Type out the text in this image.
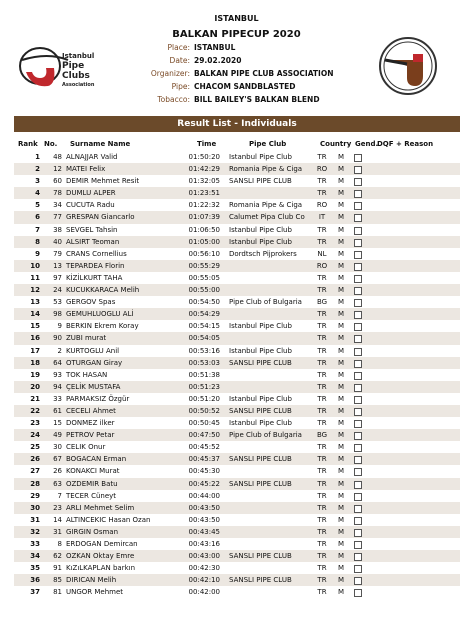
ISTANBUL
BALKAN PIPECUP 2020
Place: ISTANBUL
Date: 29.02.2020
Organizer: BALKAN PIPE CLUB ASSOCIATION
Pipe: CHACOM SANDBLASTED
Tobacco: BILL BAILEY'S BALKAN BLEND
Istanbul
Pipe
Clubs
Association
Result List - Individuals
Rank No. Surname Name	Time	Pipe Club	Country Gend.
DQF + Reason
1	48 ALNAJJAR Valid	01:50:20 Istanbul Pipe Club	TR	M
2	12 MATEI Felix	01:42:29 Romania Pipe & Ciga	RO	M
3	60 DEMIR Mehmet Resit	01:32:05 SANSLI PIPE CLUB	TR	M
4	78 DUMLU ALPER	01:23:51	TR	M
5	34 CUCUTA Radu	01:22:32 Romania Pipe & Ciga	RO	M
6	77 GRESPAN Giancarlo	01:07:39 Calumet Pipa Club Co	IT	M
7	38 SEVGEL Tahsin	01:06:50 Istanbul Pipe Club	TR	M
8	40 ALSIRT Teoman	01:05:00 Istanbul Pipe Club	TR	M
9	79 CRANS Cornellius	00:56:10 Dordtsch Pijprokers	NL	M
10	13 TEPARDEA Florin	00:55:29	RO	M
11	97 KİZİLKURT TAHA	00:55:05	TR	M
12	24 KUCUKKARACA Melih	00:55:00	TR	M
13	53 GERGOV Spas	00:54:50 Pipe Club of Bulgaria	BG	M
14	98 GEMUHLUOGLU ALİ	00:54:29	TR	M
15	9 BERKIN Ekrem Koray	00:54:15 Istanbul Pipe Club	TR	M
16	90 ZUBI murat	00:54:05	TR	M
17	2 KURTOGLU Anil	00:53:16 Istanbul Pipe Club	TR	M
18	64 OTURGAN Giray	00:53:03 SANSLI PIPE CLUB	TR	M
19	93 TOK HASAN	00:51:38	TR	M
20	94 ÇELİK MUSTAFA	00:51:23	TR	M
21	33 PARMAKSIZ Özgür	00:51:20 Istanbul Pipe Club	TR	M
22	61 CECELI Ahmet	00:50:52 SANSLI PIPE CLUB	TR	M
23	15 DONMEZ ilker	00:50:45 Istanbul Pipe Club	TR	M
24	49 PETROV Petar	00:47:50 Pipe Club of Bulgaria	BG	M
25	30 CELIK Onur	00:45:52	TR	M
26	67 BOGACAN Erman	00:45:37 SANSLI PIPE CLUB	TR	M
27	26 KONAKCI Murat	00:45:30	TR	M
28	63 OZDEMIR Batu	00:45:22 SANSLI PIPE CLUB	TR	M
29	7 TECER Cüneyt	00:44:00	TR	M
30	23 ARLI Mehmet Selim	00:43:50	TR	M
31	14 ALTINCEKIC Hasan Ozan	00:43:50	TR	M
32	31 GIRGIN Osman	00:43:45	TR	M
33	8 ERDOGAN Demircan	00:43:16	TR	M
34	62 OZKAN Oktay Emre	00:43:00 SANSLI PIPE CLUB	TR	M
35	91 KıZıLKAPLAN barkın	00:42:30	TR	M
36	85 DIRICAN Melih	00:42:10 SANSLI PIPE CLUB	TR	M
37	81 UNGOR Mehmet	00:42:00	TR	M
